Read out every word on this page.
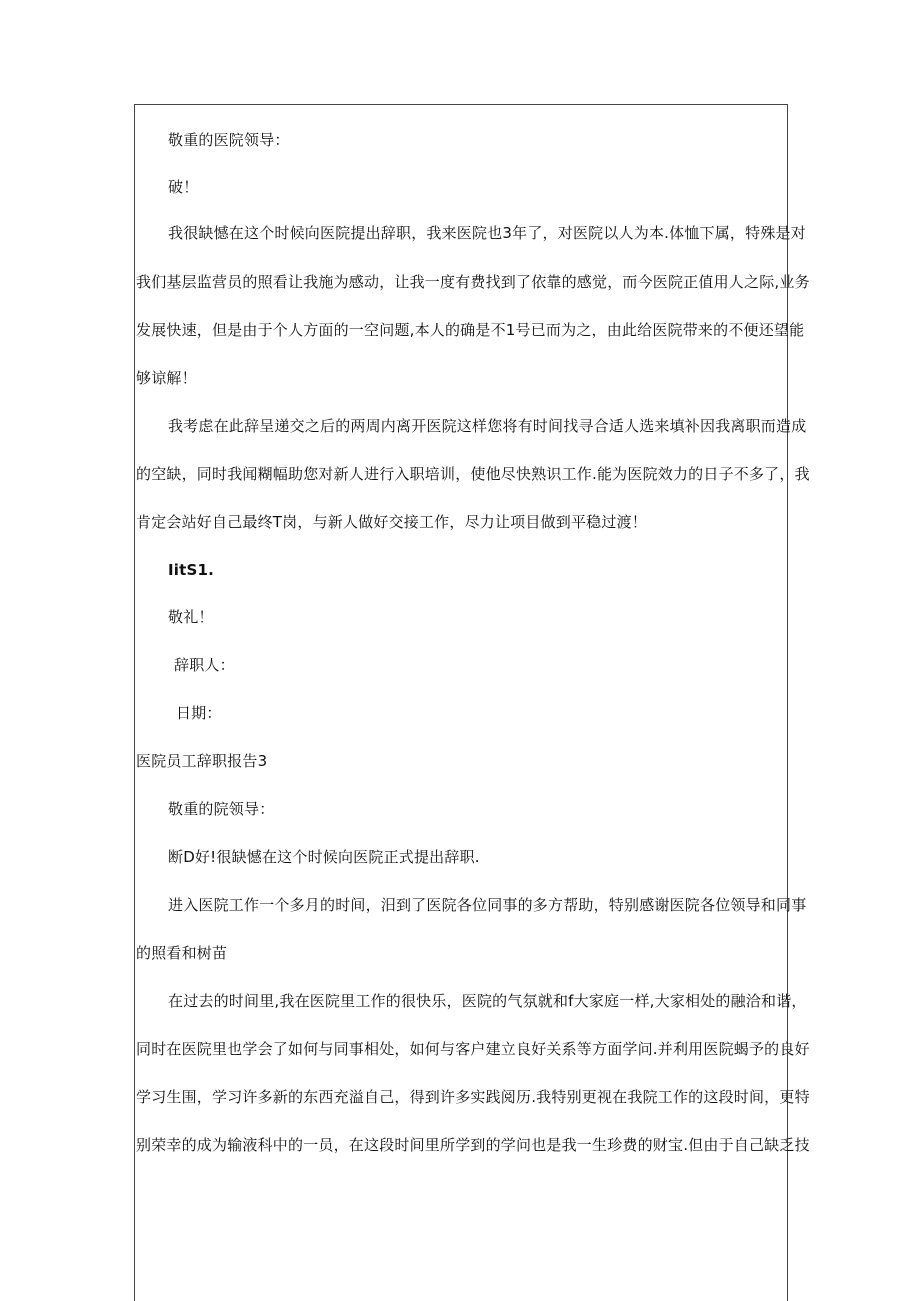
敬重的医院领导：
破！
我很缺憾在这个时候向医院提出辞职，我来医院也3年了，对医院以人为本.体恤下属，特殊是对
我们基层监营员的照看让我施为感动，让我一度有费找到了依靠的感觉，而今医院正值用人之际,业务
发展快速，但是由于个人方面的一空问题,本人的确是不1号已而为之，由此给医院带来的不便还望能
够谅解！
我考虑在此辞呈递交之后的两周内离开医院这样您将有时间找寻合适人选来填补因我离职而造成
的空缺，同时我闻糊幅助您对新人进行入职培训，使他尽快熟识工作.能为医院效力的日子不多了，我
肯定会站好自己最终T岗，与新人做好交接工作，尽力让项目做到平稳过渡！
IitS1.
敬礼！
辞职人：
日期：
医院员工辞职报告3
敬重的院领导：
断D好!很缺憾在这个时候向医院正式提出辞职.
进入医院工作一个多月的时间，汨到了医院各位同事的多方帮助，特别感谢医院各位领导和同事
的照看和树苗
在过去的时间里,我在医院里工作的很快乐，医院的气氛就和f大家庭一样,大家相处的融洽和谐，
同时在医院里也学会了如何与同事相处，如何与客户建立良好关系等方面学问.并利用医院蝎予的良好
学习生围，学习许多新的东西充溢自己，得到许多实践阅历.我特别更视在我院工作的这段时间，更特
别荣幸的成为输液科中的一员，在这段时间里所学到的学问也是我一生珍费的财宝.但由于自己缺乏技
